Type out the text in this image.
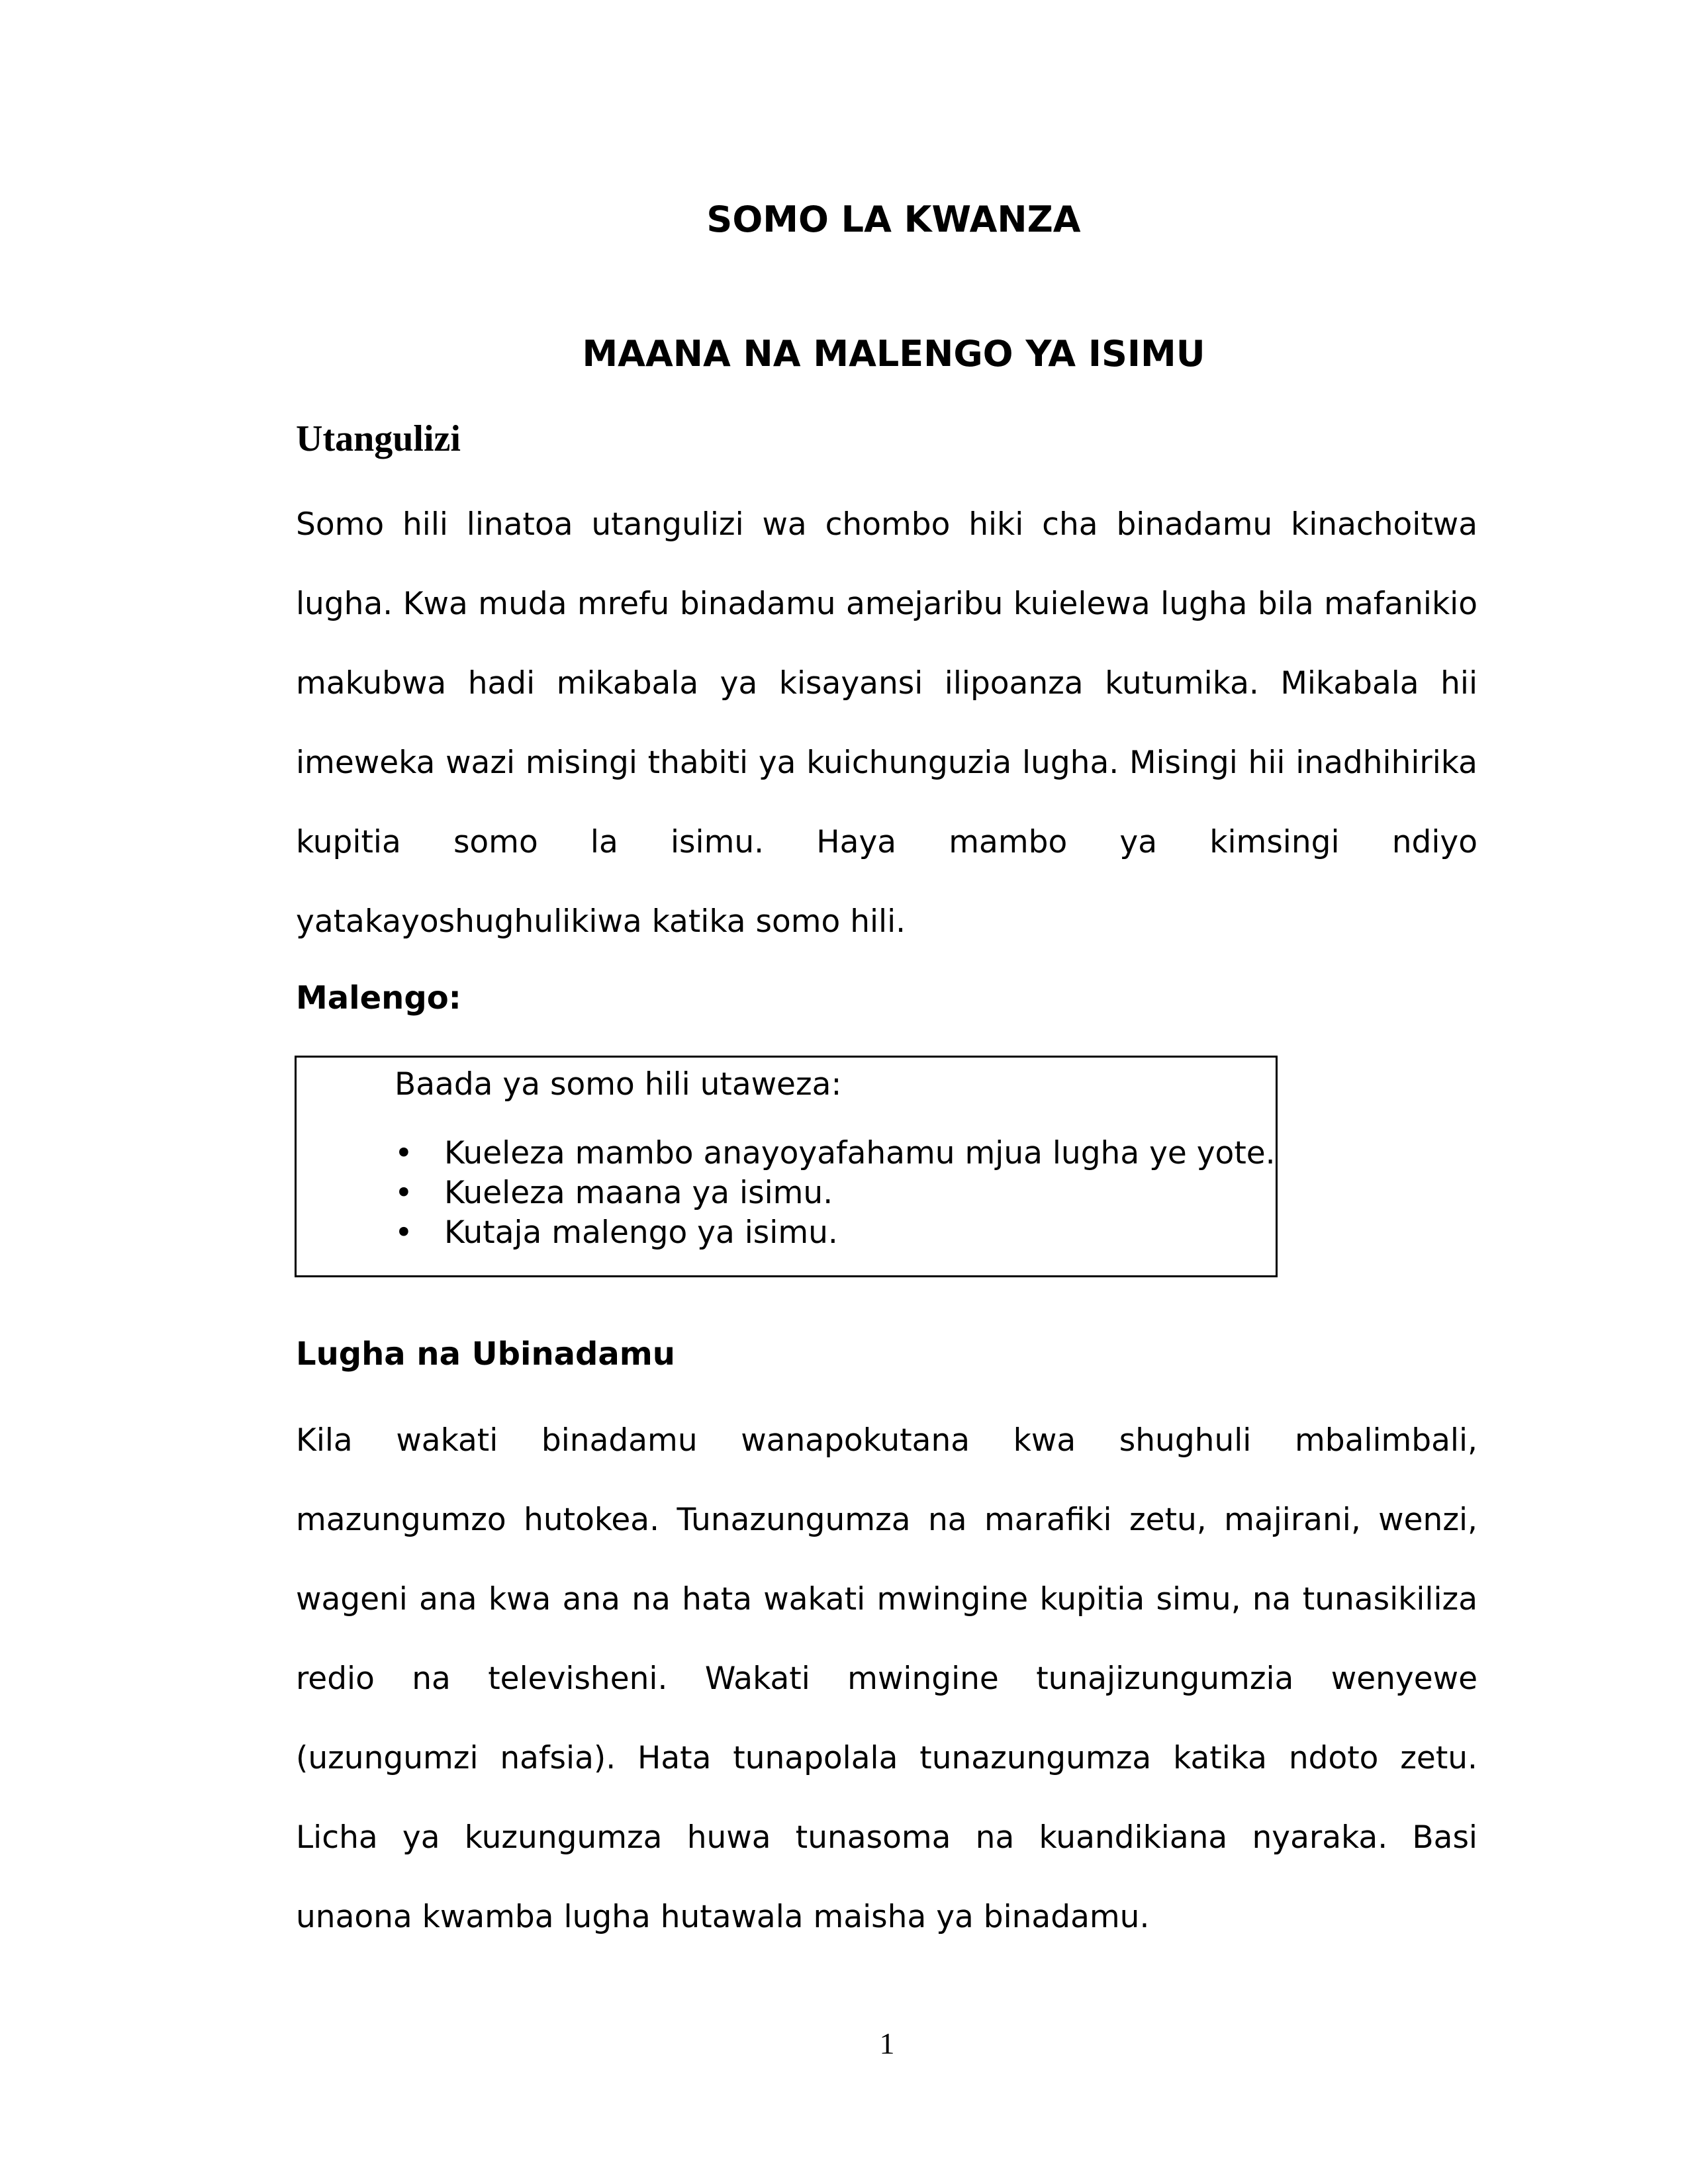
SOMO LA KWANZA
MAANA NA MALENGO YA ISIMU
Utangulizi

Somo hili linatoa utangulizi wa chombo hiki cha binadamu kinachoitwa lugha. Kwa muda mrefu binadamu amejaribu kuielewa lugha bila mafanikio makubwa hadi mikabala ya kisayansi ilipoanza kutumika. Mikabala hii imeweka wazi misingi thabiti ya kuichunguzia lugha. Misingi hii inadhihirika kupitia somo la isimu. Haya mambo ya kimsingi ndiyo yatakayoshughulikiwa katika somo hili.

Malengo:

Baada ya somo hili utaweza:

• Kueleza mambo anayoyafahamu mjua lugha ye yote.
• Kueleza maana ya isimu.
• Kutaja malengo ya isimu.
Lugha na Ubinadamu

Kila wakati binadamu wanapokutana kwa shughuli mbalimbali, mazungumzo hutokea. Tunazungumza na marafiki zetu, majirani, wenzi, wageni ana kwa ana na hata wakati mwingine kupitia simu, na tunasikiliza redio na televisheni. Wakati mwingine tunajizungumzia wenyewe (uzungumzi nafsia). Hata tunapolala tunazungumza katika ndoto zetu. Licha ya kuzungumza huwa tunasoma na kuandikiana nyaraka. Basi unaona kwamba lugha hutawala maisha ya binadamu.

1
